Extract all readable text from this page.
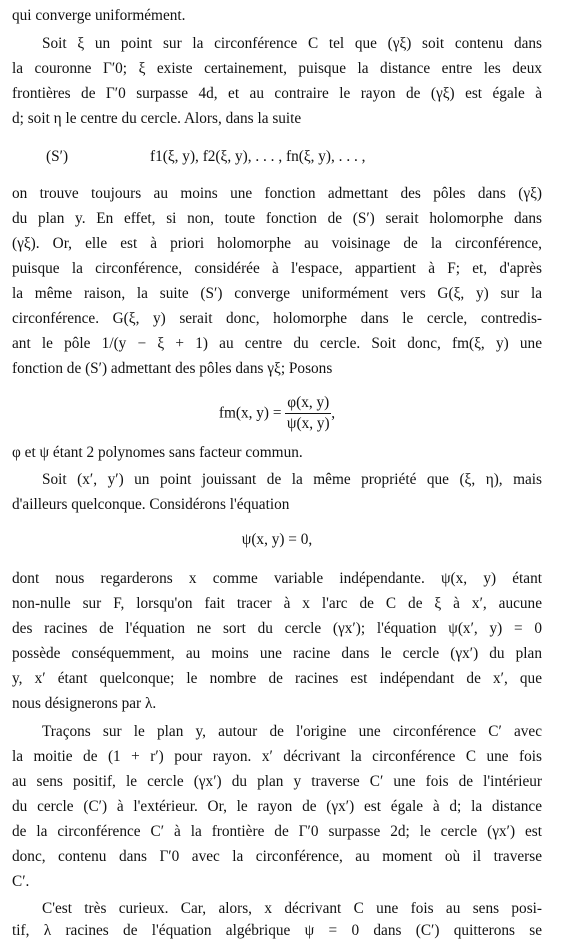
qui converge uniformément.
Soit ξ un point sur la circonférence C tel que (γξ) soit contenu dans
la couronne Γ′0; ξ existe certainement, puisque la distance entre les deux
frontières de Γ′0 surpasse 4d, et au contraire le rayon de (γξ) est égale à
d; soit η le centre du cercle. Alors, dans la suite
(S′)	f1(ξ, y), f2(ξ, y), . . . , fn(ξ, y), . . . ,
on trouve toujours au moins une fonction admettant des pôles dans (γξ)
du plan y. En effet, si non, toute fonction de (S′) serait holomorphe dans
(γξ). Or, elle est à priori holomorphe au voisinage de la circonférence,
puisque la circonférence, considérée à l'espace, appartient à F; et, d'après
la même raison, la suite (S′) converge uniformément vers G(ξ, y) sur la
circonférence. G(ξ, y) serait donc, holomorphe dans le cercle, contredis-
ant le pôle 1/(y − ξ + 1) au centre du cercle. Soit donc, fm(ξ, y) une
fonction de (S′) admettant des pôles dans γξ; Posons
fm(x, $y) = \frac{\varphi(x, y)}{\psi(x, y)}$ ,
φ et ψ étant 2 polynomes sans facteur commun.
Soit (x′, y′) un point jouissant de la même propriété que (ξ, η), mais
d'ailleurs quelconque. Considérons l'équation
ψ(x, y) = 0,
dont nous regarderons x comme variable indépendante. ψ(x, y) étant
non-nulle sur F, lorsqu'on fait tracer à x l'arc de C de ξ à x′, aucune
des racines de l'équation ne sort du cercle (γx′); l'équation ψ(x′, y) = 0
possède conséquemment, au moins une racine dans le cercle (γx′) du plan
y, x′ étant quelconque; le nombre de racines est indépendant de x′, que
nous désignerons par λ.
Traçons sur le plan y, autour de l'origine une circonférence C′ avec
la moitie de (1 + r′) pour rayon. x′ décrivant la circonférence C une fois
au sens positif, le cercle (γx′) du plan y traverse C′ une fois de l'intérieur
du cercle (C′) à l'extérieur. Or, le rayon de (γx′) est égale à d; la distance
de la circonférence C′ à la frontière de Γ′0 surpasse 2d; le cercle (γx′) est
donc, contenu dans Γ′0 avec la circonférence, au moment où il traverse
C′.
C'est très curieux. Car, alors, x décrivant C une fois au sens posi-
tif, λ racines de l'équation algébrique ψ = 0 dans (C′) quitterons se
